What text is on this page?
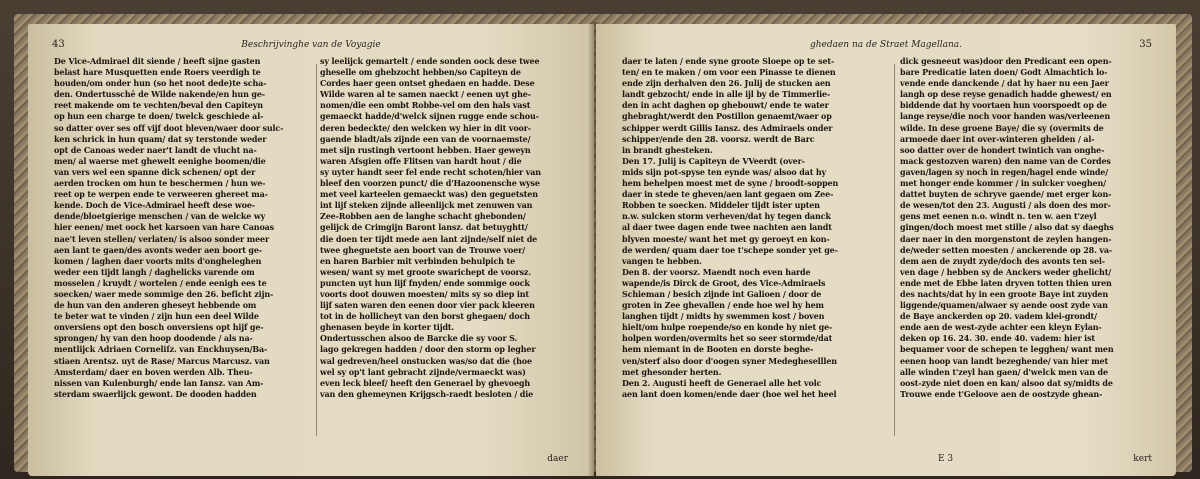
43	Beschrijvinghe van de Voyagie
De Vice-Admirael dit siende / heeft sijne gasten
belast hare Musquetten ende Roers veerdigh te
houden/om onder hun (so het noot dede)te scha-
den. Ondertusschē de Wilde nakende/en hun ge-
reet makende om te vechten/beval den Capiteyn
op hun een charge te doen/ twelck geschiede al-
so datter over ses off vijf doot bleven/waer door sulc-
ken schrick in hun quam/ dat sy terstonde weder
opt de Canoas weder naer't landt de vlucht na-
men/ al waerse met ghewelt eenighe boomen/die
van vers wel een spanne dick schenen/ opt der
aerden trocken om hun te beschermen / hun we-
reet op te werpen ende te verweeren ghereet ma-
kende. Doch de Vice-Admirael heeft dese woe-
dende/bloetgierige menschen / van de welcke wy
hier eenen/ met oock het karsoen van hare Canoas
nae't leven stellen/ verlaten/ is alsoo sonder meer
aen lant te gaen/des avonts weder aen boort ge-
komen / laghen daer voorts mits d'ongheleghen
weder een tijdt langh / daghelicks varende om
mosselen / kruydt / wortelen / ende eenigh ees te
soecken/ waer mede sommige den 26. beficht zijn-
de hun van den anderen gheseyt hebbende om
te beter wat te vinden / zijn hun een deel Wilde
onversiens opt den bosch onversiens opt hijf ge-
sprongen/ hy van den hoop doodende / als na-
mentlijck Adriaen Corneliſz. van Enckhuysen/Ba-
stiaen Arentsz. uyt de Rase/ Marcus Marcusz. van
Amsterdam/ daer en boven werden Alb. Theu-
nissen van Kulenburgh/ ende lan Iansz. van Am-
sterdam swaerlijck gewont. De dooden hadden
sy leelijck gemartelt / ende sonden oock dese twee
gheselle om ghebzocht hebben/so Capiteyn de
Cordes haer geen ontset ghedaen en hadde. Dese
Wilde waren al te samen naeckt / eenen uyt ghe-
nomen/die een ombt Robbe-vel om den hals vast
gemaeckt hadde/d'welck sijnen rugge ende schou-
deren bedeckte/ den welcken wy hier in dit voor-
gaende bladt/als zijnde een van de voornaemste/
met sijn rustingh vertoont hebben. Haer geweyn
waren Afsgien offe Flitsen van hardt hout / die
sy uyter handt seer fel ende recht schoten/hier van
bleef den voorzen punct/ die d'Hazoonensche wyse
met veel karteelen gemaeckt was) den geguetsten
int lijf steken zijnde alleenlijck met zenuwen van
Zee-Robben aen de langhe schacht ghebonden/
gelijck de Crimgijn Baront lansz. dat betuyghtt/
die doen ter tijdt mede aen lant zijnde/self niet de
twee gheguetste aen boort van de Trouwe voer/
en haren Barbier mit verbinden behulpich te
wesen/ want sy met groote swarichept de voorsz.
puncten uyt hun lijf fnyden/ ende sommige oock
voorts doot douwen moesten/ mits sy so diep int
lijf saten waren den eenen door vier pack kleeren
tot in de hollicheyt van den borst ghegaen/ doch
ghenasen beyde in korter tijdt.
Ondertusschen alsoo de Barcke die sy voor S.
lago gekregen hadden / door den storm op legher
wal gedreven/heel onstucken was/so dat die (hoe
wel sy op't lant gebracht zijnde/vermaeckt was)
even leck bleef/ heeft den Generael by ghevoegh
van den ghemeynen Krijgsch-raedt besloten / die
daer
ghedaen na de Straet Magellana.	35
daer te laten / ende syne groote Sloepe op te set-
ten/ en te maken / om voor een Pinasse te dienen
ende zijn derhalven den 26. Julij de stucken aen
landt gebzocht/ ende in alle ijl by de Timmerlie-
den in acht daghen op ghebouwt/ ende te water
ghebraght/werdt den Postillon genaemt/waer op
schipper werdt Gillis Iansz. des Admiraels onder
schipper/ende den 28. voorsz. werdt de Barc
in brandt ghesteken.
Den 17. Julij is Capiteyn de VVeerdt (over-
mids sijn pot-spyse ten eynde was/ alsoo dat hy
hem behelpen moest met de syne / broodt-soppen
daer in stede te gheven/aen lant gegaen om Zee-
Robben te soecken. Middeler tijdt ister upten
n.w. sulcken storm verheven/dat hy tegen danck
al daer twee dagen ende twee nachten aen landt
blyven moeste/ want het met gy geroeyt en kon-
de werden/ quam daer toe t'schepe sonder yet ge-
vangen te hebben.
Den 8. der voorsz. Maendt noch even harde
wapende/is Dirck de Groot, des Vice-Admiraels
Schieman / besich zijnde int Galioen / door de
groten in Zee ghevallen / ende hoe wel hy hem
langhen tijdt / midts hy swemmen kost / boven
hielt/om hulpe roepende/so en konde hy niet ge-
holpen worden/overmits het so seer stormde/dat
hem niemant in de Booten en dorste beghe-
ven/sterf also door d'oogen syner Medegheselllen
met ghesonder herten.
Den 2. Augusti heeft de Generael alle het volc
aen lant doen komen/ende daer (hoe wel het heel
dick gesneeut was)door den Predicant een open-
bare Predicatie laten doen/ Godt Almachtich lo-
vende ende danckende / dat hy haer nu een Jaer
langh op dese reyse genadich hadde ghewest/ en
biddende dat hy voortaen hun voorspoedt op de
lange reyse/die noch voor handen was/verleenen
wilde. In dese groene Baye/ die sy (overmits de
armoede daer int over-winteren ghelden / al-
soo datter over de hondert twintich van onghe-
mack gestozven waren) den name van de Cordes
gaven/lagen sy noch in regen/hagel ende winde/
met honger ende kommer / in sulcker voeghen/
dattet buyten de schryve gaende/ met erger kon-
de wesen/tot den 23. Augusti / als doen des mor-
gens met eenen n.o. windt n. ten w. aen t'zeyl
gingen/doch moest met stille / also dat sy daeghs
daer naer in den morgenstont de zeylen hangen-
de/weder setten moesten / anckerende op 28. va-
dem aen de zuydt zyde/doch des avonts ten sel-
ven dage / hebben sy de Anckers weder ghelicht/
ende met de Ebbe laten dryven totten thien uren
des nachts/dat hy in een groote Baye int zuyden
liggende/quamen/alwaer sy aende oost zyde van
de Baye anckerden op 20. vadem klei-grondt/
ende aen de west-zyde achter een kleyn Eylan-
deken op 16. 24. 30. ende 40. vadem: hier ist
bequamer voor de schepen te legghen/ want men
eenen hoop van landt bezeghende/ van hier met
alle winden t'zeyl han gaen/ d'welck men van de
oost-zyde niet doen en kan/ alsoo dat sy/midts de
Trouwe ende t'Geloove aen de oostzyde ghean-
E 3	kert
